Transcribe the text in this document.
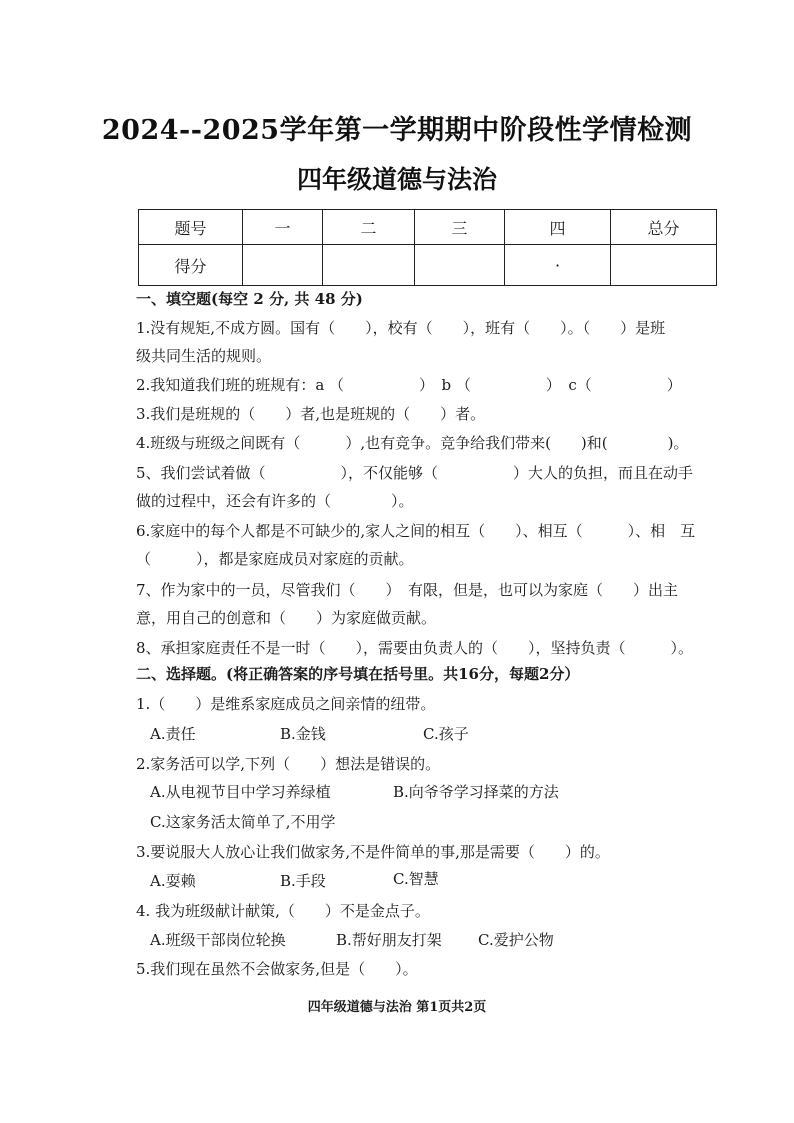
2024--2025学年第一学期期中阶段性学情检测
四年级道德与法治
题号	一	二	三	四	总分
得分				·	
一、填空题(每空 2 分, 共 48 分)
1.没有规矩,不成方圆。国有（　　），校有（　　），班有（　　）。（　　）是班
级共同生活的规则。
2.我知道我们班的班规有：a （　　　　　）　b （　　　　　）　c（　　　　　）
3.我们是班规的（　　）者,也是班规的（　　）者。
4.班级与班级之间既有（　　　）,也有竞争。竞争给我们带来(　　)和(　　　　)。
5、我们尝试着做（　　　　　），不仅能够（　　　　　）大人的负担，而且在动手
做的过程中，还会有许多的（　　　　）。
6.家庭中的每个人都是不可缺少的,家人之间的相互（　　）、相互（　　　）、相　互
（　　　），都是家庭成员对家庭的贡献。
7、作为家中的一员，尽管我们（　　）　有限，但是，也可以为家庭（　　）出主
意，用自己的创意和（　　）为家庭做贡献。
8、承担家庭责任不是一时（　　），需要由负责人的（　　），坚持负责（　　　）。
二、选择题。(将正确答案的序号填在括号里。共16分，每题2分）
1.（　　）是维系家庭成员之间亲情的纽带。
A.责任	B.金钱	C.孩子
2.家务活可以学,下列（　　）想法是错误的。
A.从电视节目中学习养绿植	B.向爷爷学习择菜的方法
C.这家务活太简单了,不用学
3.要说服大人放心让我们做家务,不是件简单的事,那是需要（　　）的。
A.耍赖	B.手段	C.智慧
4. 我为班级献计献策,（　　）不是金点子。
A.班级干部岗位轮换	B.帮好朋友打架 C.爱护公物
5.我们现在虽然不会做家务,但是（　　）。
四年级道德与法治 第1页共2页
